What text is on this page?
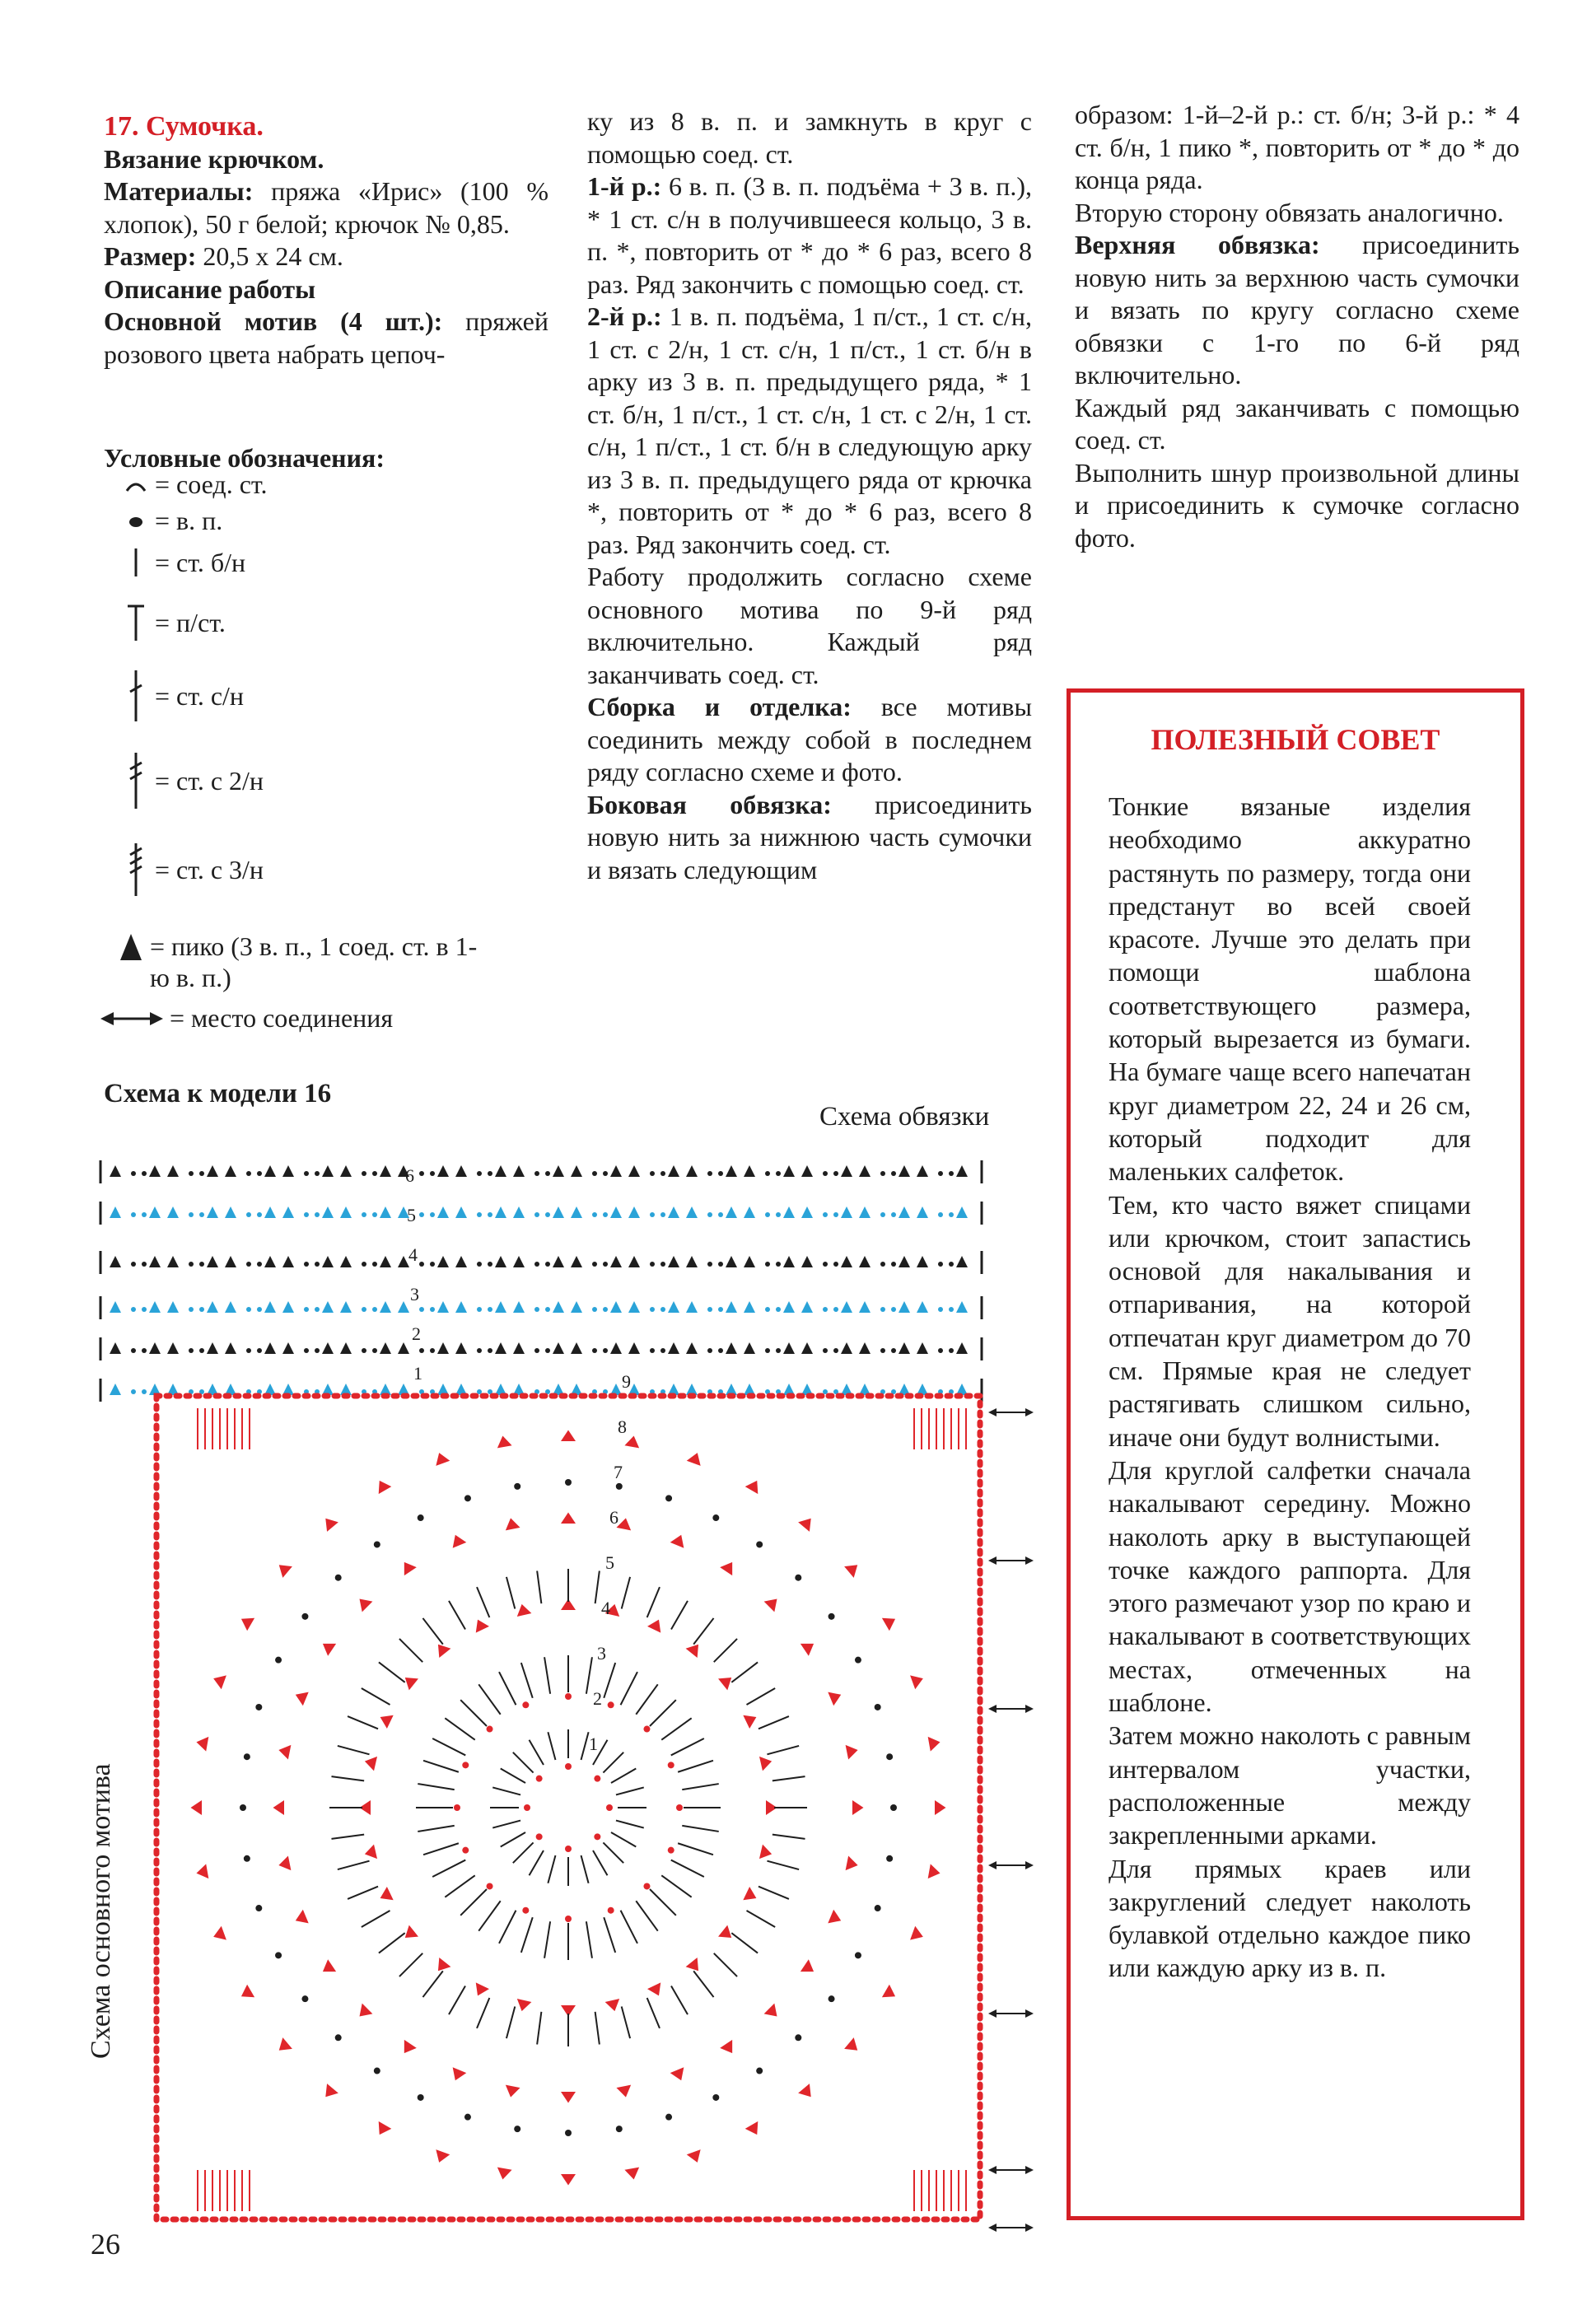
17. Сумочка.

Вязание крючком.

Материалы: пряжа «Ирис» (100 % хлопок), 50 г белой; крючок № 0,85.

Размер: 20,5 х 24 см.

Описание работы

Основной мотив (4 шт.): пряжей розового цвета набрать цепоч-

Условные обозначения:
= соед. ст.
= в. п.
= ст. б/н
= п/ст.
= ст. с/н
= ст. с 2/н
= ст. с 3/н
= пико (3 в. п., 1 соед. ст. в 1-ю в. п.)
= место соединения

ку из 8 в. п. и замкнуть в круг с помощью соед. ст.

1-й р.: 6 в. п. (3 в. п. подъёма + 3 в. п.), * 1 ст. с/н в получившееся кольцо, 3 в. п. *, повторить от * до * 6 раз, всего 8 раз. Ряд закончить с помощью соед. ст.

2-й р.: 1 в. п. подъёма, 1 п/ст., 1 ст. с/н, 1 ст. с 2/н, 1 ст. с/н, 1 п/ст., 1 ст. б/н в арку из 3 в. п. предыдущего ряда, * 1 ст. б/н, 1 п/ст., 1 ст. с/н, 1 ст. с 2/н, 1 ст. с/н, 1 п/ст., 1 ст. б/н в следующую арку из 3 в. п. предыдущего ряда от крючка *, повторить от * до * 6 раз, всего 8 раз. Ряд закончить соед. ст.

Работу продолжить согласно схеме основного мотива по 9-й ряд включительно. Каждый ряд заканчивать соед. ст.

Сборка и отделка: все мотивы соединить между собой в последнем ряду согласно схеме и фото.

Боковая обвязка: присоединить новую нить за нижнюю часть сумочки и вязать следующим

образом: 1-й–2-й р.: ст. б/н; 3-й р.: * 4 ст. б/н, 1 пико *, повторить от * до * до конца ряда.

Вторую сторону обвязать аналогично.

Верхняя обвязка: присоединить новую нить за верхнюю часть сумочки и вязать по кругу согласно схеме обвязки с 1-го по 6-й ряд включительно.

Каждый ряд заканчивать с помощью соед. ст.

Выполнить шнур произвольной длины и присоединить к сумочке согласно фото.

ПОЛЕЗНЫЙ СОВЕТ

Тонкие вязаные изделия необходимо аккуратно растянуть по размеру, тогда они предстанут во всей своей красоте. Лучше это делать при помощи шаблона соответствующего размера, который вырезается из бумаги. На бумаге чаще всего напечатан круг диаметром 22, 24 и 26 см, который подходит для маленьких салфеток.

Тем, кто часто вяжет спицами или крючком, стоит запастись основой для накалывания и отпаривания, на которой отпечатан круг диаметром до 70 см. Прямые края не следует растягивать слишком сильно, иначе они будут волнистыми.

Для круглой салфетки сначала накалывают середину. Можно наколоть арку в выступающей точке каждого раппорта. Для этого размечают узор по краю и накалывают в соответствующих местах, отмеченных на шаблоне.

Затем можно наколоть с равным интервалом участки, расположенные между закрепленными арками.

Для прямых краев или закруглений следует наколоть булавкой отдельно каждое пико или каждую арку из в. п.

Схема к модели 16
Схема обвязки
Схема основного мотива
1
2
3
4
5
6
1
2
3
4
5
6
7
8
9
26
